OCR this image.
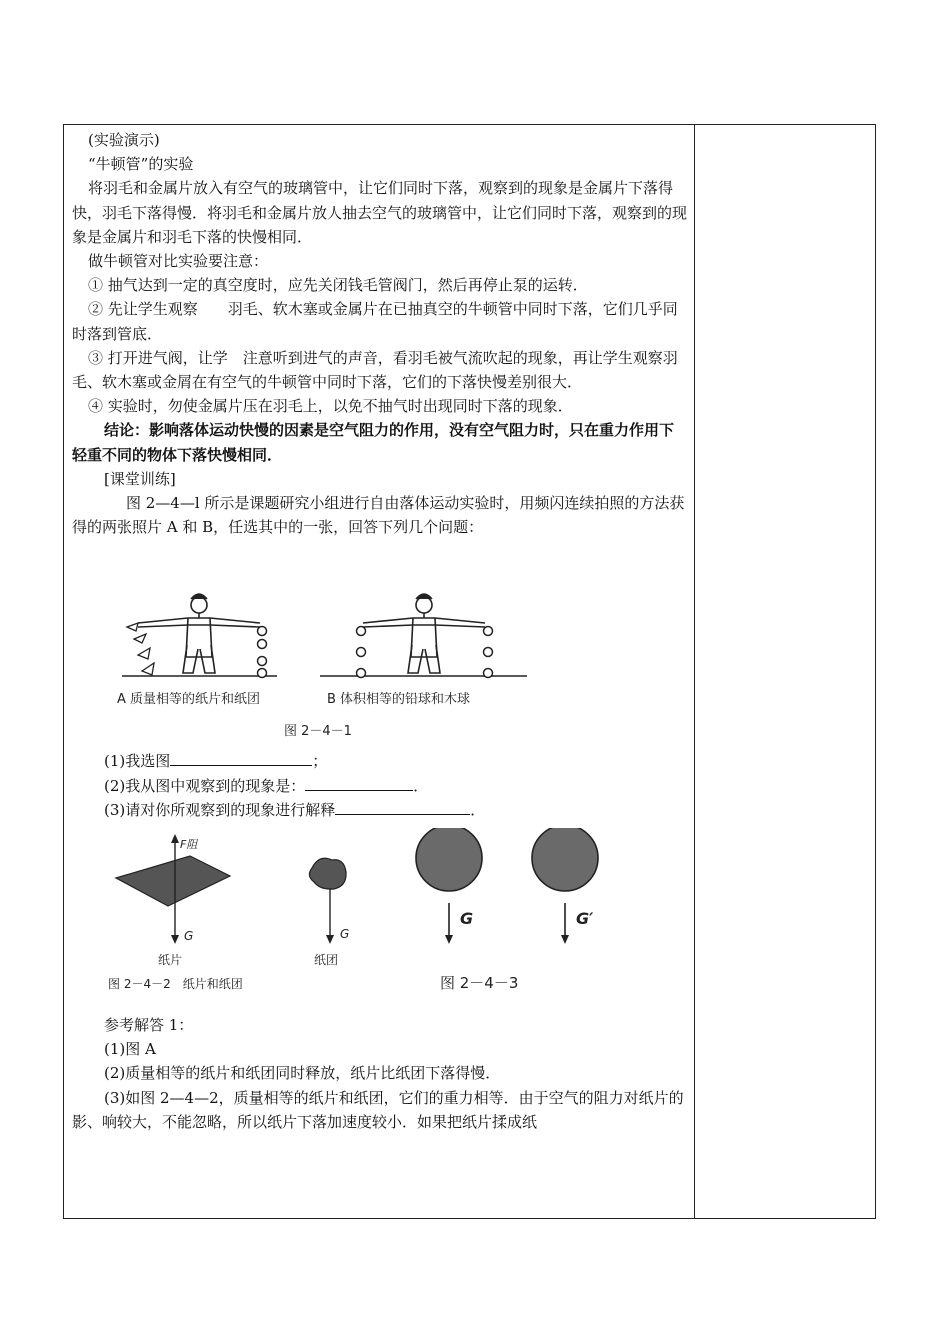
(实验演示)

“牛顿管”的实验

将羽毛和金属片放入有空气的玻璃管中，让它们同时下落，观察到的现象是金属片下落得快，羽毛下落得慢．将羽毛和金属片放人抽去空气的玻璃管中，让它们同时下落，观察到的现象是金属片和羽毛下落的快慢相同．

做牛顿管对比实验要注意：

① 抽气达到一定的真空度时，应先关闭钱毛管阀门，然后再停止泵的运转．

② 先让学生观察　　羽毛、软木塞或金属片在已抽真空的牛顿管中同时下落，它们几乎同时落到管底．

③ 打开进气阀，让学　注意听到进气的声音，看羽毛被气流吹起的现象，再让学生观察羽毛、软木塞或金屑在有空气的牛顿管中同时下落，它们的下落快慢差别很大．

④ 实验时，勿使金属片压在羽毛上，以免不抽气时出现同时下落的现象．

结论：影响落体运动快慢的因素是空气阻力的作用，没有空气阻力时，只在重力作用下轻重不同的物体下落快慢相同．

[课堂训练]

图 2—4—l 所示是课题研究小组进行自由落体运动实验时，用频闪连续拍照的方法获得的两张照片 A 和 B，任选其中的一张，回答下列几个问题：

A 质量相等的纸片和纸团	B 体积相等的铅球和木球
图 2－4－1

(1)我选图	；

(2)我从图中观察到的现象是：	．

(3)请对你所观察到的现象进行解释	．

F阻
G
纸片
G
纸团
图 2－4－2　纸片和纸团
G	G′
图 2－4－3

参考解答 1：

(1)图 A

(2)质量相等的纸片和纸团同时释放，纸片比纸团下落得慢．

(3)如图 2—4—2，质量相等的纸片和纸团，它们的重力相等．由于空气的阻力对纸片的影、响较大，不能忽略，所以纸片下落加速度较小．如果把纸片揉成纸
